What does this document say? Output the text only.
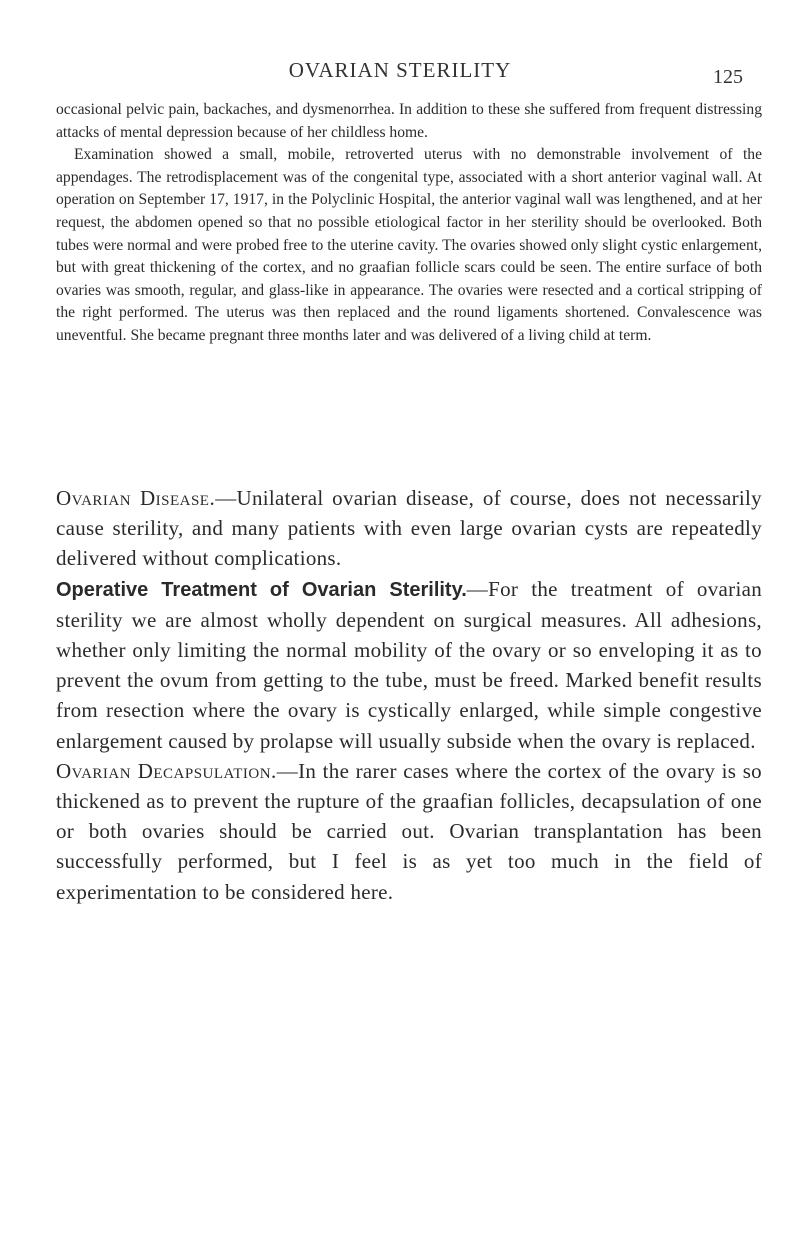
OVARIAN STERILITY	125

occasional pelvic pain, backaches, and dysmenorrhea. In addition to these she suffered from frequent distressing attacks of mental depression because of her childless home.

Examination showed a small, mobile, retroverted uterus with no demonstrable involvement of the appendages. The retrodisplacement was of the congenital type, associated with a short anterior vaginal wall. At operation on September 17, 1917, in the Polyclinic Hospital, the anterior vaginal wall was lengthened, and at her request, the abdomen opened so that no possible etiological factor in her sterility should be overlooked. Both tubes were normal and were probed free to the uterine cavity. The ovaries showed only slight cystic enlargement, but with great thickening of the cortex, and no graafian follicle scars could be seen. The entire surface of both ovaries was smooth, regular, and glass-like in appearance. The ovaries were resected and a cortical stripping of the right performed. The uterus was then replaced and the round ligaments shortened. Convalescence was uneventful. She became pregnant three months later and was delivered of a living child at term.

Ovarian Disease.—Unilateral ovarian disease, of course, does not necessarily cause sterility, and many patients with even large ovarian cysts are repeatedly delivered without complications.

Operative Treatment of Ovarian Sterility.—For the treatment of ovarian sterility we are almost wholly dependent on surgical measures. All adhesions, whether only limiting the normal mobility of the ovary or so enveloping it as to prevent the ovum from getting to the tube, must be freed. Marked benefit results from resection where the ovary is cystically enlarged, while simple congestive enlargement caused by prolapse will usually subside when the ovary is replaced.

Ovarian Decapsulation.—In the rarer cases where the cortex of the ovary is so thickened as to prevent the rupture of the graafian follicles, decapsulation of one or both ovaries should be carried out. Ovarian transplantation has been successfully performed, but I feel is as yet too much in the field of experimentation to be considered here.
